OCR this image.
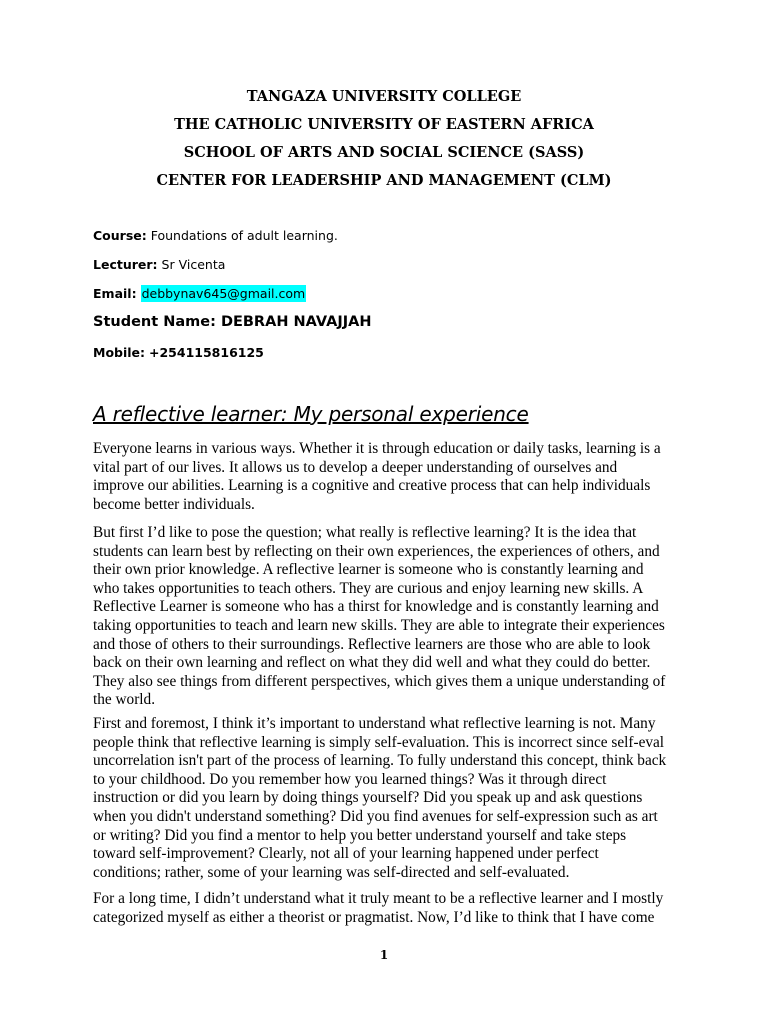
TANGAZA UNIVERSITY COLLEGE
THE CATHOLIC UNIVERSITY OF EASTERN AFRICA
SCHOOL OF ARTS AND SOCIAL SCIENCE (SASS)
CENTER FOR LEADERSHIP AND MANAGEMENT (CLM)
Course: Foundations of adult learning.
Lecturer: Sr Vicenta
Email: debbynav645@gmail.com
Student Name: DEBRAH NAVAJJAH
Mobile: +254115816125
A reflective learner: My personal experience
Everyone learns in various ways. Whether it is through education or daily tasks, learning is a
vital part of our lives. It allows us to develop a deeper understanding of ourselves and
improve our abilities. Learning is a cognitive and creative process that can help individuals
become better individuals.
But first I’d like to pose the question; what really is reflective learning? It is the idea that
students can learn best by reflecting on their own experiences, the experiences of others, and
their own prior knowledge. A reflective learner is someone who is constantly learning and
who takes opportunities to teach others. They are curious and enjoy learning new skills. A
Reflective Learner is someone who has a thirst for knowledge and is constantly learning and
taking opportunities to teach and learn new skills. They are able to integrate their experiences
and those of others to their surroundings. Reflective learners are those who are able to look
back on their own learning and reflect on what they did well and what they could do better.
They also see things from different perspectives, which gives them a unique understanding of
the world.
First and foremost, I think it’s important to understand what reflective learning is not. Many
people think that reflective learning is simply self-evaluation. This is incorrect since self-eval
uncorrelation isn't part of the process of learning. To fully understand this concept, think back
to your childhood. Do you remember how you learned things? Was it through direct
instruction or did you learn by doing things yourself? Did you speak up and ask questions
when you didn't understand something? Did you find avenues for self-expression such as art
or writing? Did you find a mentor to help you better understand yourself and take steps
toward self-improvement? Clearly, not all of your learning happened under perfect
conditions; rather, some of your learning was self-directed and self-evaluated.
For a long time, I didn’t understand what it truly meant to be a reflective learner and I mostly
categorized myself as either a theorist or pragmatist. Now, I’d like to think that I have come
1
